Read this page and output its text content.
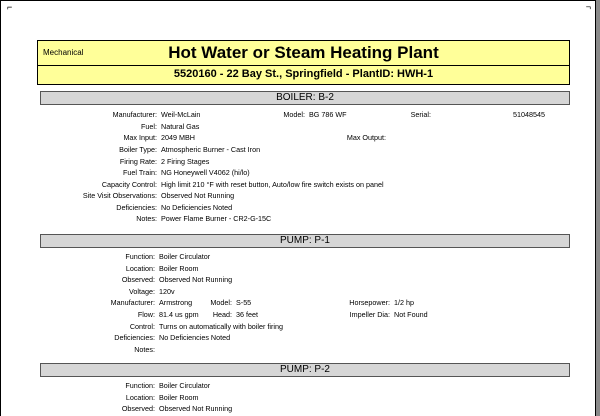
⌐	¬
Mechanical	Hot Water or Steam Heating Plant
5520160 - 22 Bay St., Springfield - PlantID: HWH-1
BOILER: B-2
Manufacturer: Weil-McLain	Model: BG 786 WF	Serial:	51048545
Fuel: Natural Gas
Max Input: 2049 MBH	Max Output:
Boiler Type: Atmospheric Burner - Cast Iron
Firing Rate: 2 Firing Stages
Fuel Train: NG Honeywell V4062 (hi/lo)
Capacity Control: High limit 210 °F with reset button, Auto/low fire switch exists on panel
Site Visit Observations: Observed Not Running
Deficiencies: No Deficiencies Noted
Notes: Power Flame Burner - CR2-G-15C
PUMP: P-1
Function: Boiler Circulator
Location: Boiler Room
Observed: Observed Not Running
Voltage: 120v
Manufacturer: Armstrong	Model: S-55	Horsepower: 1/2 hp
Flow: 81.4 us gpm Head: 36 feet	Impeller Dia: Not Found
Control: Turns on automatically with boiler firing
Deficiencies: No Deficiencies Noted
Notes:
PUMP: P-2
Function: Boiler Circulator
Location: Boiler Room
Observed: Observed Not Running
